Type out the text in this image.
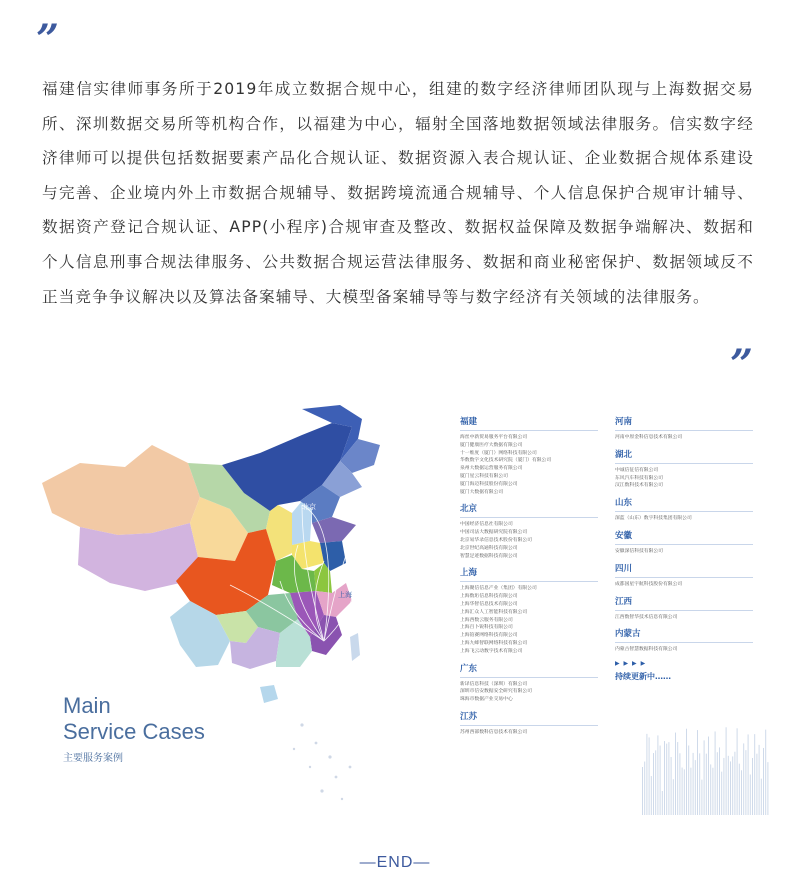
”

福建信实律师事务所于2019年成立数据合规中心，组建的数字经济律师团队现与上海数据交易所、深圳数据交易所等机构合作，以福建为中心，辐射全国落地数据领域法律服务。信实数字经济律师可以提供包括数据要素产品化合规认证、数据资源入表合规认证、企业数据合规体系建设与完善、企业境内外上市数据合规辅导、数据跨境流通合规辅导、个人信息保护合规审计辅导、数据资产登记合规认证、APP(小程序)合规审查及整改、数据权益保障及数据争端解决、数据和个人信息刑事合规法律服务、公共数据合规运营法律服务、数据和商业秘密保护、数据领域反不正当竞争争议解决以及算法备案辅导、大模型备案辅导等与数字经济有关领域的法律服务。

”
北京
上海
Main
Service Cases
主要服务案例
福建
海丝中新贸易服务平台有限公司
厦门健康医疗大数据有限公司
十一维度（厦门）网络科技有限公司
华数数字文化技术研究院（厦门）有限公司
泉州大数据运营服务有限公司
厦门星云科技有限公司
厦门海迈科技股份有限公司
厦门大数据有限公司
北京
中国经济信息社有限公司
中国司法大数据研究院有限公司
北京易华录信息技术股份有限公司
北京世纪高通科技有限公司
智慧足迹数据科技有限公司
上海
上海聚信信息产业（集团）有限公司
上海数珩信息科技有限公司
上海华智信息技术有限公司
上海汇众人工智能科技有限公司
上海西数云服务有限公司
上海百卜锐科技有限公司
上海铂赛网络科技有限公司
上海九蜂智联网络科技有限公司
上海飞云动数字技术有限公司
广东
新译信息科技（深圳）有限公司
深圳市信安数据安全研究有限公司
珠海市数据产业交易中心
江苏
苏州西部数科信息技术有限公司
河南
河南中原金科信息技术有限公司
湖北
中诚信征信有限公司
东风汽车科技有限公司
汉江数科技术有限公司
山东
深蓝（山东）数字科技集团有限公司
安徽
安徽深信科技有限公司
四川
成都国星宇航科技股份有限公司
江西
江西数智华技术信息有限公司
内蒙古
内蒙古智慧数据科技有限公司
▶ ▶ ▶ ▶
持续更新中……
—END—
